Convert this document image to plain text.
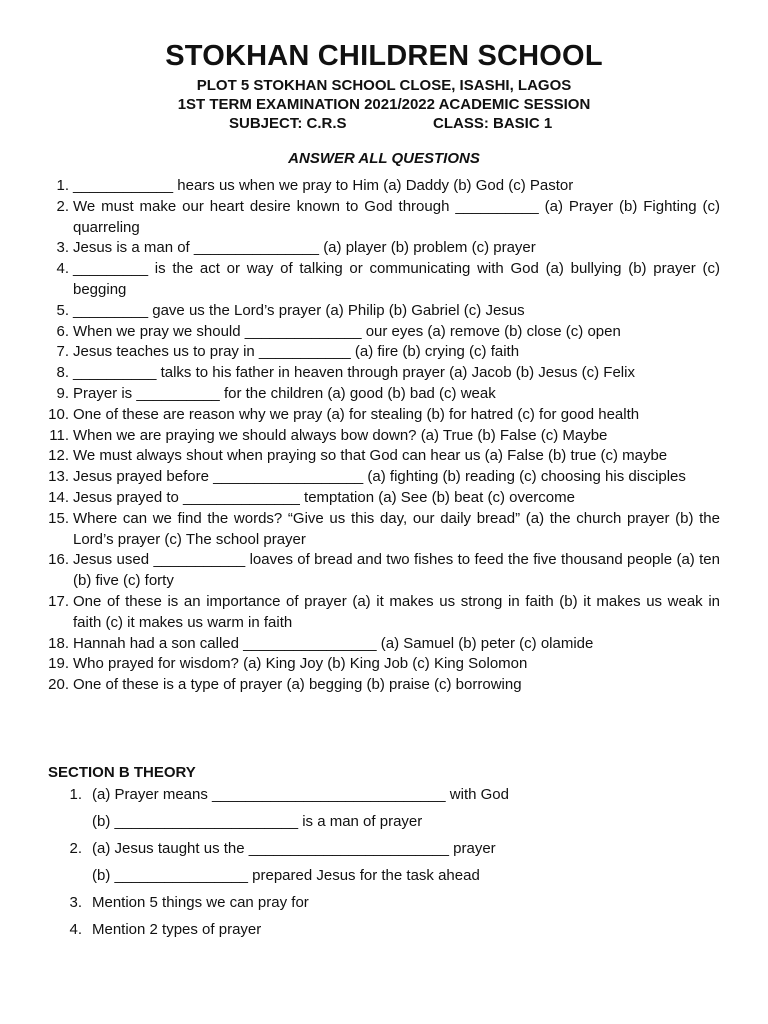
STOKHAN CHILDREN SCHOOL

PLOT 5 STOKHAN SCHOOL CLOSE, ISASHI, LAGOS

1ST TERM EXAMINATION 2021/2022 ACADEMIC SESSION

SUBJECT: C.R.S	CLASS: BASIC 1

ANSWER ALL QUESTIONS

1. ____________ hears us when we pray to Him (a) Daddy (b) God (c) Pastor
2. We must make our heart desire known to God through __________ (a) Prayer (b) Fighting (c) quarreling
3. Jesus is a man of _______________ (a) player (b) problem (c) prayer
4. _________ is the act or way of talking or communicating with God (a) bullying (b) prayer (c) begging
5. _________ gave us the Lord’s prayer (a) Philip (b) Gabriel (c) Jesus
6. When we pray we should ______________ our eyes (a) remove (b) close (c) open
7. Jesus teaches us to pray in ___________ (a) fire (b) crying (c) faith
8. __________ talks to his father in heaven through prayer (a) Jacob (b) Jesus (c) Felix
9. Prayer is __________ for the children (a) good (b) bad (c) weak
10. One of these are reason why we pray (a) for stealing (b) for hatred (c) for good health
11. When we are praying we should always bow down? (a) True (b) False (c) Maybe
12. We must always shout when praying so that God can hear us (a) False (b) true (c) maybe
13. Jesus prayed before __________________ (a) fighting (b) reading (c) choosing his disciples
14. Jesus prayed to ______________ temptation (a) See (b) beat (c) overcome
15. Where can we find the words? “Give us this day, our daily bread” (a) the church prayer (b) the Lord’s prayer (c) The school prayer
16. Jesus used ___________ loaves of bread and two fishes to feed the five thousand people (a) ten (b) five (c) forty
17. One of these is an importance of prayer (a) it makes us strong in faith (b) it makes us weak in faith (c) it makes us warm in faith
18. Hannah had a son called ________________ (a) Samuel (b) peter (c) olamide
19. Who prayed for wisdom? (a) King Joy (b) King Job (c) King Solomon
20. One of these is a type of prayer (a) begging (b) praise (c) borrowing

SECTION B THEORY

1. (a) Prayer means ____________________________ with God
(b) ______________________ is a man of prayer
2. (a) Jesus taught us the ________________________ prayer
(b) ________________ prepared Jesus for the task ahead
3. Mention 5 things we can pray for
4. Mention 2 types of prayer
